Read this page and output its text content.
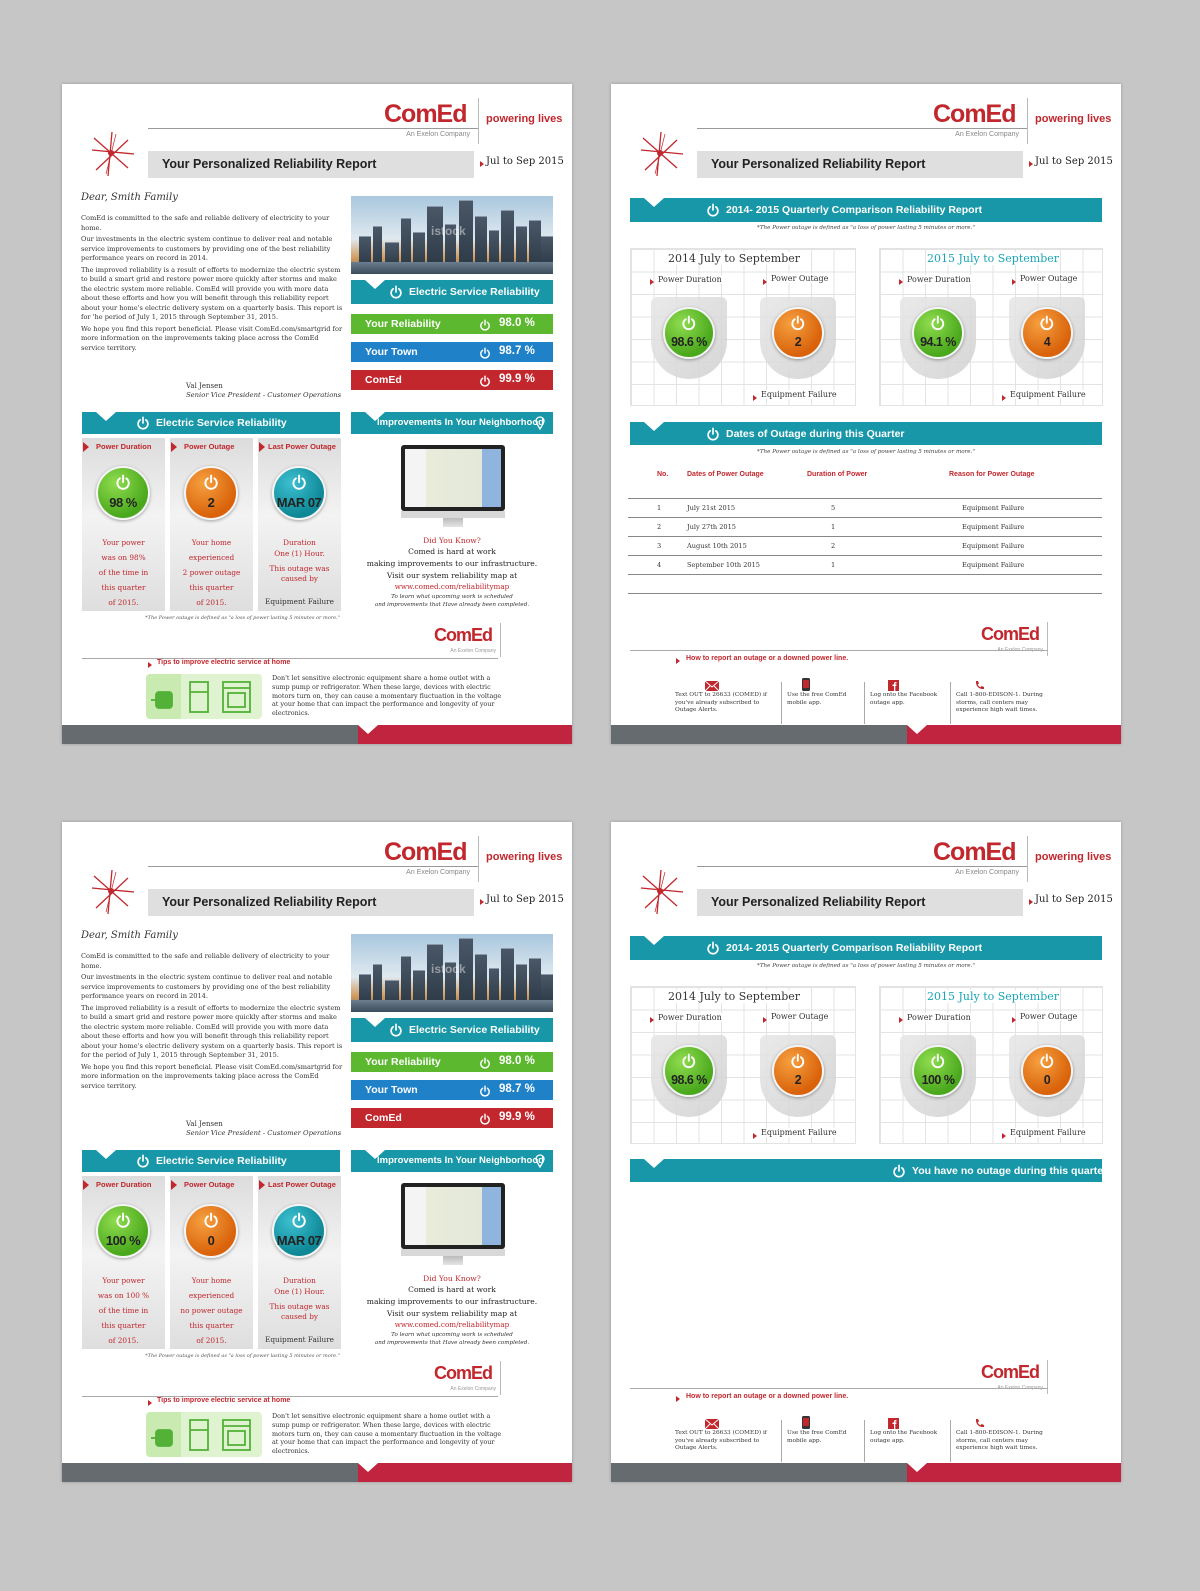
ComEd
An Exelon Company
powering lives
Your Personalized Reliability Report	Jul to Sep 2015
Dear, Smith Family

ComEd is committed to the safe and reliable delivery of electricity to your home.

Our investments in the electric system continue to deliver real and notable service improvements to customers by providing one of the best reliability performance years on record in 2014.

The improved reliability is a result of efforts to modernize the electric system to build a smart grid and restore power more quickly after storms and make the electric system more reliable. ComEd will provide you with more data about these efforts and how you will benefit through this reliability report about your home's electric delivery system on a quarterly basis. This report is for 'he period of July 1, 2015 through September 31, 2015.

We hope you find this report beneficial. Please visit ComEd.com/smartgrid for more information on the improvements taking place across the ComEd service territory.

Val Jensen
Senior Vice President - Customer Operations
istock
Electric Service Reliability
Your Reliability	98.0 %
Your Town	98.7 %
ComEd	99.9 %
Electric Service Reliability
Power Duration
98 %
Your power
was on 98%
of the time in
this quarter
of 2015.
Power Outage
2
Your home
experienced
2 power outage
this quarter
of 2015.
Last Power Outage
MAR 07
Duration
One (1) Hour.
This outage was
caused by
Equipment Failure
*The Power outage is defined as "a loss of power lasting 5 minutes or more."
Improvements In Your Neighborhood
Did You Know?
Comed is hard at work
making improvements to our infrastructure.
Visit our system reliability map at
www.comed.com/reliabilitymap
To learn what upcoming work is scheduled
and improvements that Have already been completed.
ComEd
An Exelon Company
Tips to improve electric service at home
Don't let sensitive electronic equipment share a home outlet with a sump pump or refrigerator. When these large, devices with electric motors turn on, they can cause a momentary fluctuation in the voltage at your home that can impact the performance and longevity of your electronics.
ComEd
An Exelon Company
powering lives
Your Personalized Reliability Report	Jul to Sep 2015
2014- 2015 Quarterly Comparison Reliability Report
*The Power outage is defined as "a loss of power lasting 5 minutes or more."
2014 July to September
Power Duration	Power Outage
98.6 %	2
Equipment Failure
2015 July to September
Power Duration	Power Outage
94.1 %	4
Equipment Failure
Dates of Outage during this Quarter
*The Power outage is defined as "a loss of power lasting 5 minutes or more."
No.	Dates of Power Outage	Duration of Power	Reason for Power Outage
1	July 21st 2015	5	Equipment Failure
2	July 27th 2015	1	Equipment Failure
3	August 10th 2015	2	Equipment Failure
4	September 10th 2015	1	Equipment Failure
ComEd
How to report an outage or a downed power line.
Text OUT to 26633 (COMED) if you've already subscribed to Outage Alerts.
Use the free ComEd mobile app.
Log onto the Facebook outage app.
Call 1-800-EDISON-1. During storms, call centers may experience high wait times.
ComEd
An Exelon Company
powering lives
Your Personalized Reliability Report	Jul to Sep 2015
Dear, Smith Family

ComEd is committed to the safe and reliable delivery of electricity to your home.

Our investments in the electric system continue to deliver real and notable service improvements to customers by providing one of the best reliability performance years on record in 2014.

The improved reliability is a result of efforts to modernize the electric system to build a smart grid and restore power more quickly after storms and make the electric system more reliable. ComEd will provide you with more data about these efforts and how you will benefit through this reliability report about your home's electric delivery system on a quarterly basis. This report is for the period of July 1, 2015 through September 31, 2015.

We hope you find this report beneficial. Please visit ComEd.com/smartgrid for more information on the improvements taking place across the ComEd service territory.

Val Jensen
Senior Vice President - Customer Operations
istock
Electric Service Reliability
Your Reliability	98.0 %
Your Town	98.7 %
ComEd	99.9 %
Electric Service Reliability
Power Duration
100 %
Your power
was on 100 %
of the time in
this quarter
of 2015.
Power Outage
0
Your home
experienced
no power outage
this quarter
of 2015.
Last Power Outage
MAR 07
Duration
One (1) Hour.
This outage was
caused by
Equipment Failure
*The Power outage is defined as "a loss of power lasting 5 minutes or more."
Improvements In Your Neighborhood
Did You Know?
Comed is hard at work
making improvements to our infrastructure.
Visit our system reliability map at
www.comed.com/reliabilitymap
To learn what upcoming work is scheduled
and improvements that Have already been completed.
ComEd
An Exelon Company
Tips to improve electric service at home
Don't let sensitive electronic equipment share a home outlet with a sump pump or refrigerator. When these large, devices with electric motors turn on, they can cause a momentary fluctuation in the voltage at your home that can impact the performance and longevity of your electronics.
ComEd
An Exelon Company
powering lives
Your Personalized Reliability Report	Jul to Sep 2015
2014- 2015 Quarterly Comparison Reliability Report
*The Power outage is defined as "a loss of power lasting 5 minutes or more."
2014 July to September
Power Duration	Power Outage
98.6 %	2
Equipment Failure
2015 July to September
Power Duration	Power Outage
100 %	0
Equipment Failure
You have no outage during this quarter
ComEd
How to report an outage or a downed power line.
Text OUT to 26633 (COMED) if you've already subscribed to Outage Alerts.
Use the free ComEd mobile app.
Log onto the Facebook outage app.
Call 1-800-EDISON-1. During storms, call centers may experience high wait times.
